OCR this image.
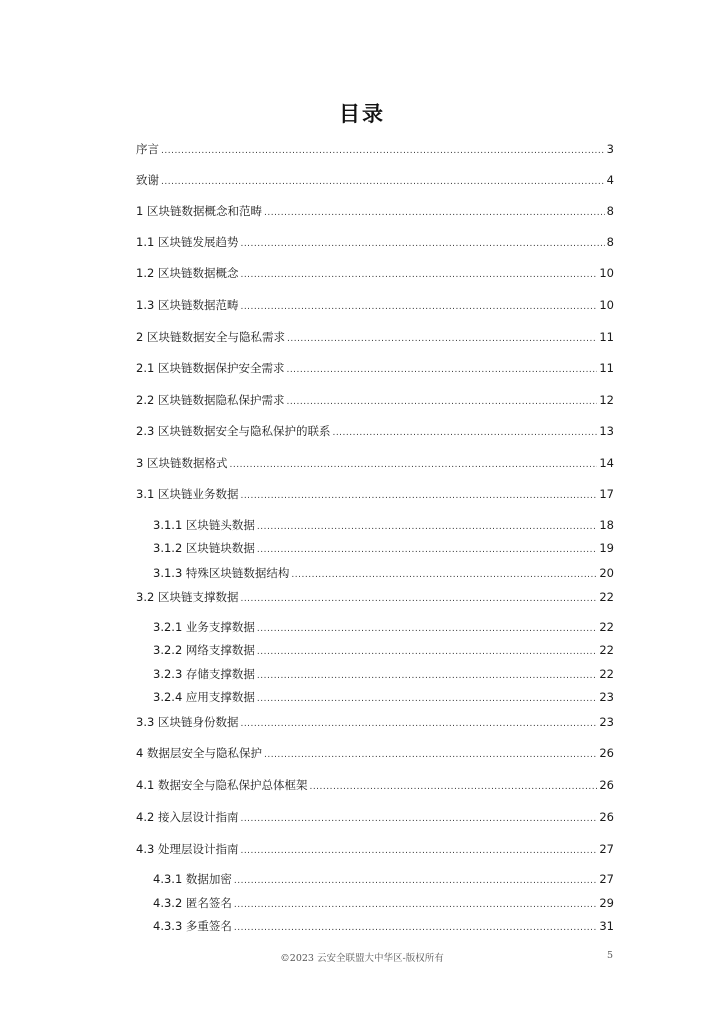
目录
序言 .....	3
致谢 .....	4
1 区块链数据概念和范畴 .....	8
1.1 区块链发展趋势 .....	8
1.2 区块链数据概念 .....	10
1.3 区块链数据范畴 .....	10
2 区块链数据安全与隐私需求 .....	11
2.1 区块链数据保护安全需求 .....	11
2.2 区块链数据隐私保护需求 .....	12
2.3 区块链数据安全与隐私保护的联系 .....	13
3 区块链数据格式 .....	14
3.1 区块链业务数据 .....	17
3.1.1 区块链头数据 .....	18
3.1.2 区块链块数据 .....	19
3.1.3 特殊区块链数据结构 .....	20
3.2 区块链支撑数据 .....	22
3.2.1 业务支撑数据 .....	22
3.2.2 网络支撑数据 .....	22
3.2.3 存储支撑数据 .....	22
3.2.4 应用支撑数据 .....	23
3.3 区块链身份数据 .....	23
4 数据层安全与隐私保护 .....	26
4.1 数据安全与隐私保护总体框架 .....	26
4.2 接入层设计指南 .....	26
4.3 处理层设计指南 .....	27
4.3.1 数据加密 .....	27
4.3.2 匿名签名 .....	29
4.3.3 多重签名 .....	31
©2023 云安全联盟大中华区-版权所有	5
